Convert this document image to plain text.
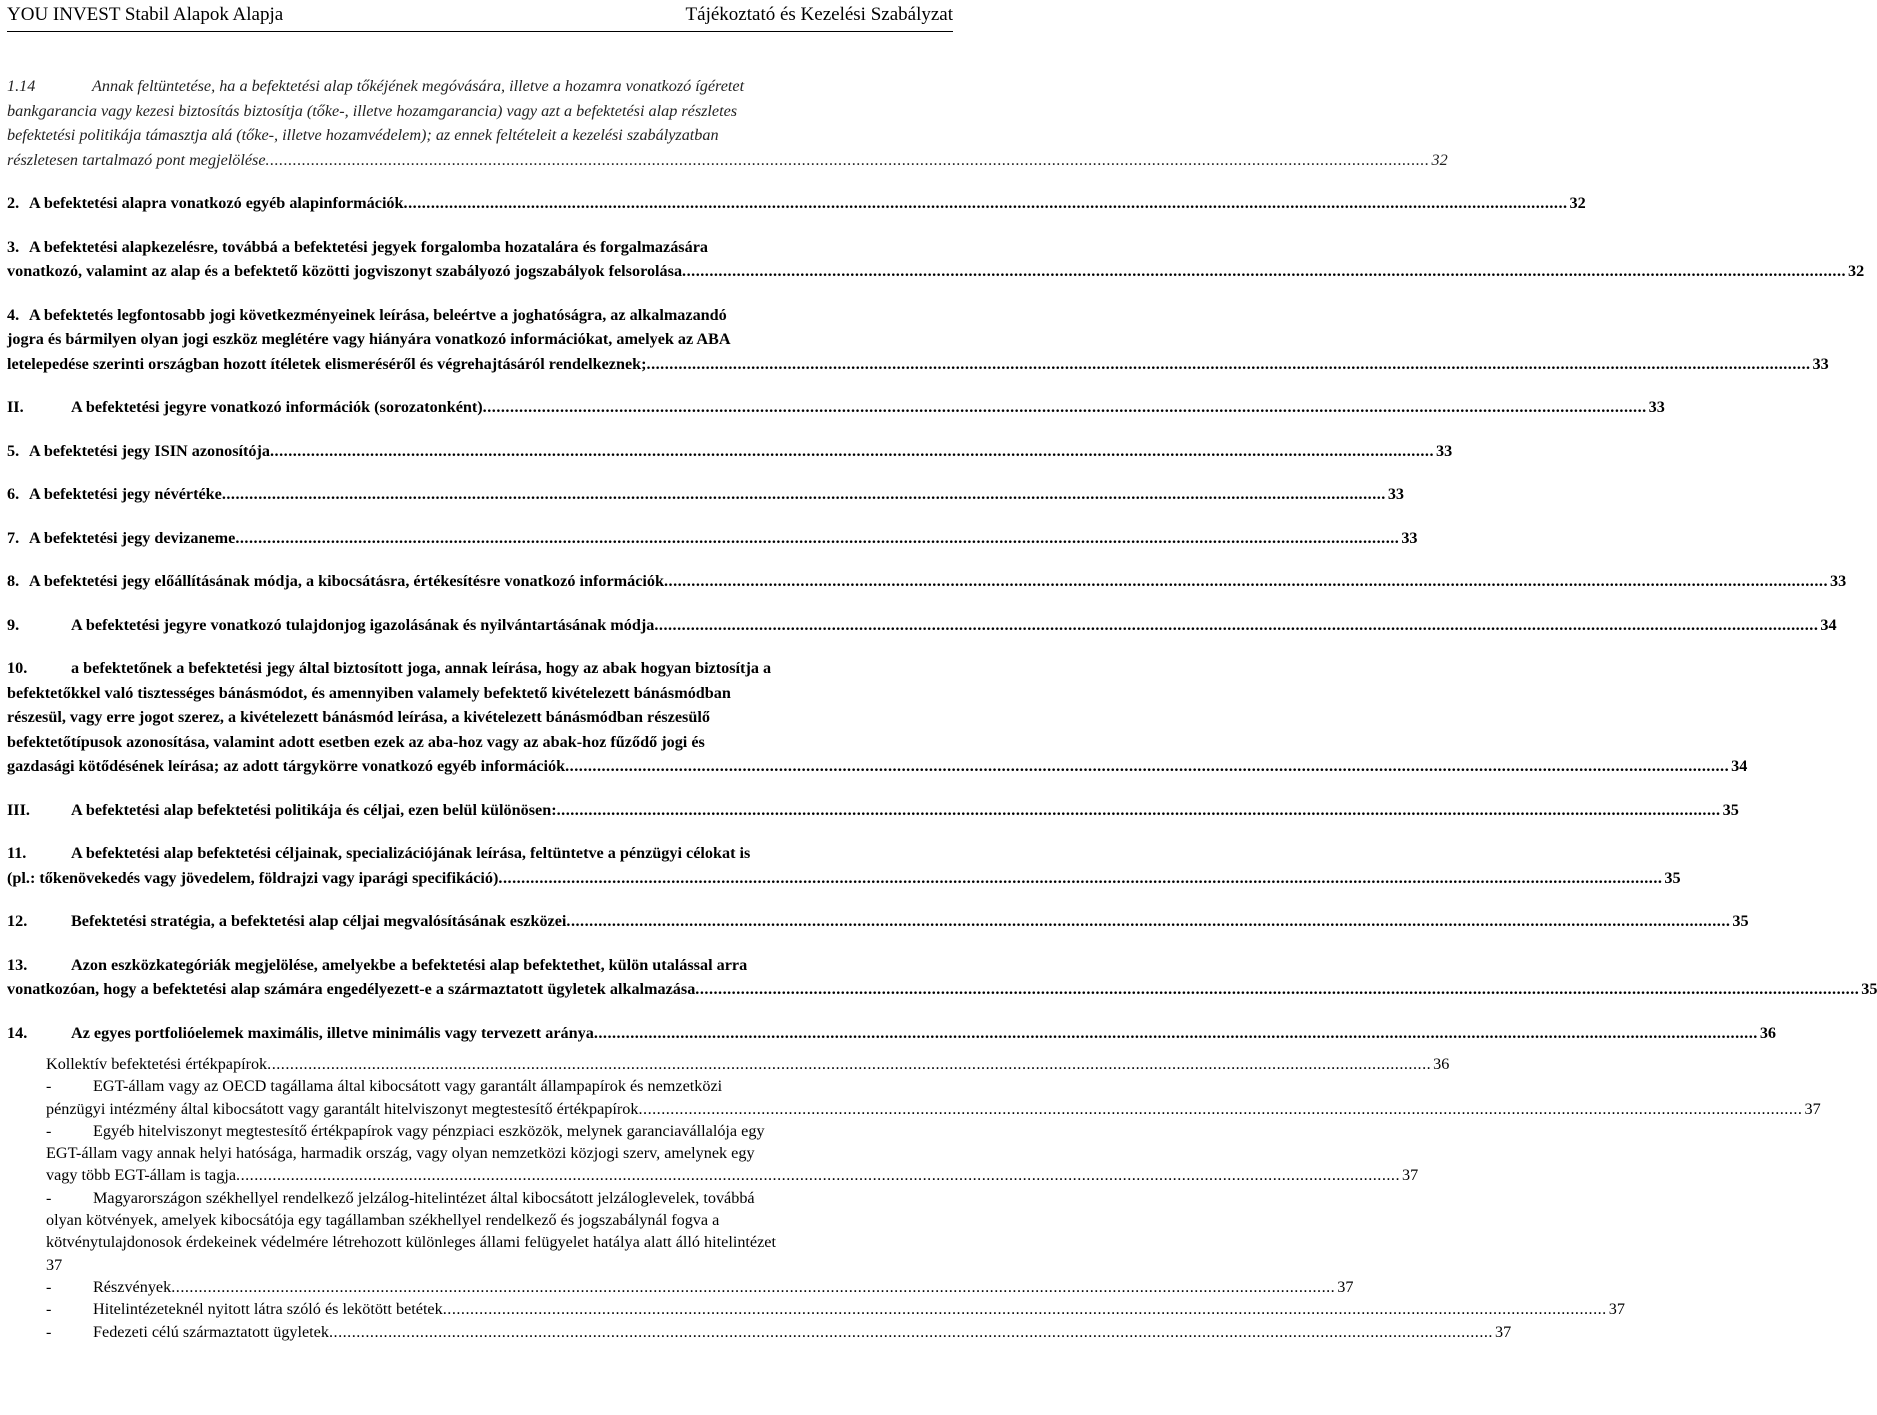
YOU INVEST Stabil Alapok Alapja	Tájékoztató és Kezelési Szabályzat
1.14	Annak feltüntetése, ha a befektetési alap tőkéjének megóvására, illetve a hozamra vonatkozó ígéretet
bankgarancia vagy kezesi biztosítás biztosítja (tőke-, illetve hozamgarancia) vagy azt a befektetési alap részletes
befektetési politikája támasztja alá (tőke-, illetve hozamvédelem); az ennek feltételeit a kezelési szabályzatban
részletesen tartalmazó pont megjelölése .....	32
2. A befektetési alapra vonatkozó egyéb alapinformációk .....	32
3. A befektetési alapkezelésre, továbbá a befektetési jegyek forgalomba hozatalára és forgalmazására
vonatkozó, valamint az alap és a befektető közötti jogviszonyt szabályozó jogszabályok felsorolása .....	32
4. A befektetés legfontosabb jogi következményeinek leírása, beleértve a joghatóságra, az alkalmazandó
jogra és bármilyen olyan jogi eszköz meglétére vagy hiányára vonatkozó információkat, amelyek az ABA
letelepedése szerinti országban hozott ítéletek elismeréséről és végrehajtásáról rendelkeznek; .....	33
II.	A befektetési jegyre vonatkozó információk (sorozatonként) .....	33
5. A befektetési jegy ISIN azonosítója .....	33
6. A befektetési jegy névértéke .....	33
7. A befektetési jegy devizaneme .....	33
8. A befektetési jegy előállításának módja, a kibocsátásra, értékesítésre vonatkozó információk .....	33
9.	A befektetési jegyre vonatkozó tulajdonjog igazolásának és nyilvántartásának módja .....	34
10.	a befektetőnek a befektetési jegy által biztosított joga, annak leírása, hogy az abak hogyan biztosítja a
befektetőkkel való tisztességes bánásmódot, és amennyiben valamely befektető kivételezett bánásmódban
részesül, vagy erre jogot szerez, a kivételezett bánásmód leírása, a kivételezett bánásmódban részesülő
befektetőtípusok azonosítása, valamint adott esetben ezek az aba-hoz vagy az abak-hoz fűződő jogi és
gazdasági kötődésének leírása; az adott tárgykörre vonatkozó egyéb információk .....	34
III.	A befektetési alap befektetési politikája és céljai, ezen belül különösen: .....	35
11.	A befektetési alap befektetési céljainak, specializációjának leírása, feltüntetve a pénzügyi célokat is
(pl.: tőkenövekedés vagy jövedelem, földrajzi vagy iparági specifikáció) .....	35
12.	Befektetési stratégia, a befektetési alap céljai megvalósításának eszközei .....	35
13.	Azon eszközkategóriák megjelölése, amelyekbe a befektetési alap befektethet, külön utalással arra
vonatkozóan, hogy a befektetési alap számára engedélyezett-e a származtatott ügyletek alkalmazása .....	35
14.	Az egyes portfolióelemek maximális, illetve minimális vagy tervezett aránya .....	36
Kollektív befektetési értékpapírok .....	36
-	EGT-állam vagy az OECD tagállama által kibocsátott vagy garantált állampapírok és nemzetközi
pénzügyi intézmény által kibocsátott vagy garantált hitelviszonyt megtestesítő értékpapírok .....	37
-	Egyéb hitelviszonyt megtestesítő értékpapírok vagy pénzpiaci eszközök, melynek garanciavállalója egy
EGT-állam vagy annak helyi hatósága, harmadik ország, vagy olyan nemzetközi közjogi szerv, amelynek egy
vagy több EGT-állam is tagja .....	37
-	Magyarországon székhellyel rendelkező jelzálog-hitelintézet által kibocsátott jelzáloglevelek, továbbá
olyan kötvények, amelyek kibocsátója egy tagállamban székhellyel rendelkező és jogszabálynál fogva a
kötvénytulajdonosok érdekeinek védelmére létrehozott különleges állami felügyelet hatálya alatt álló hitelintézet
37
-	Részvények .....	37
-	Hitelintézeteknél nyitott látra szóló és lekötött betétek .....	37
-	Fedezeti célú származtatott ügyletek .....	37
